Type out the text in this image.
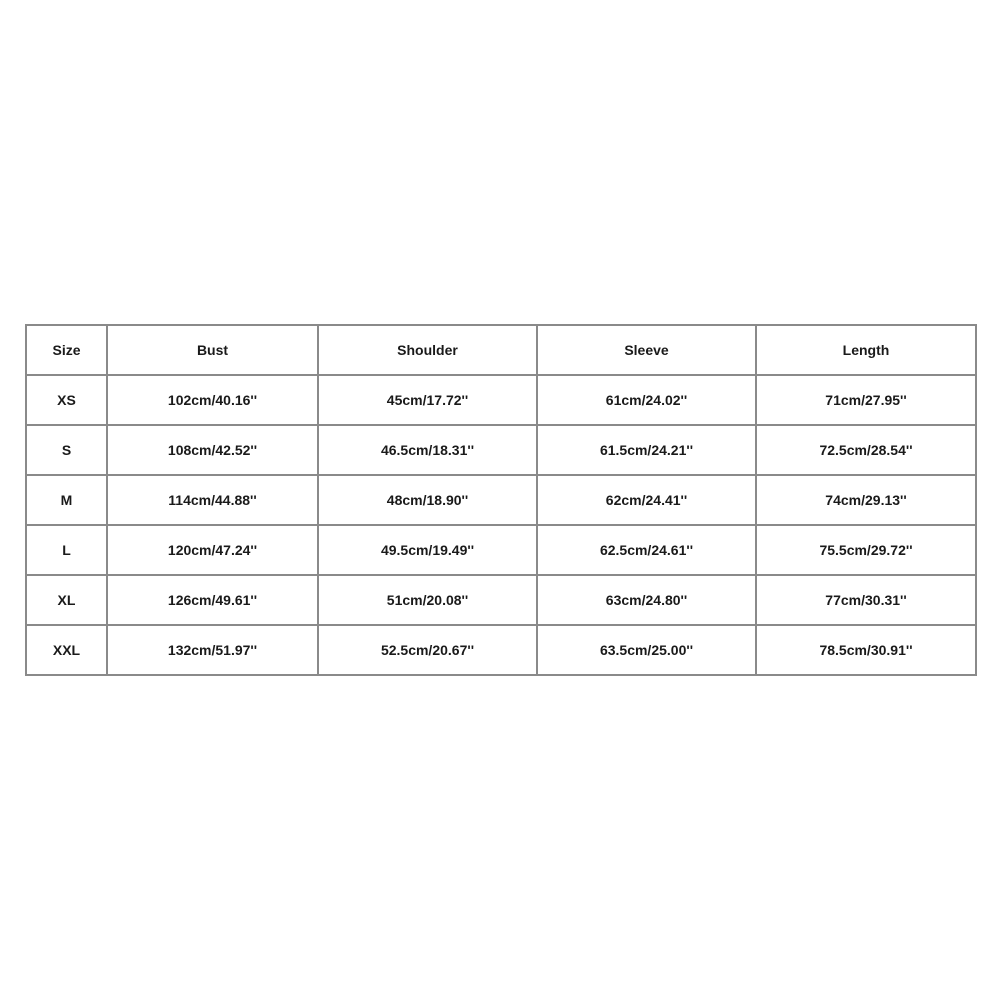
Size	Bust	Shoulder	Sleeve	Length
XS	102cm/40.16''	45cm/17.72''	61cm/24.02''	71cm/27.95''
S	108cm/42.52''	46.5cm/18.31''	61.5cm/24.21''	72.5cm/28.54''
M	114cm/44.88''	48cm/18.90''	62cm/24.41''	74cm/29.13''
L	120cm/47.24''	49.5cm/19.49''	62.5cm/24.61''	75.5cm/29.72''
XL	126cm/49.61''	51cm/20.08''	63cm/24.80''	77cm/30.31''
XXL	132cm/51.97''	52.5cm/20.67''	63.5cm/25.00''	78.5cm/30.91''
